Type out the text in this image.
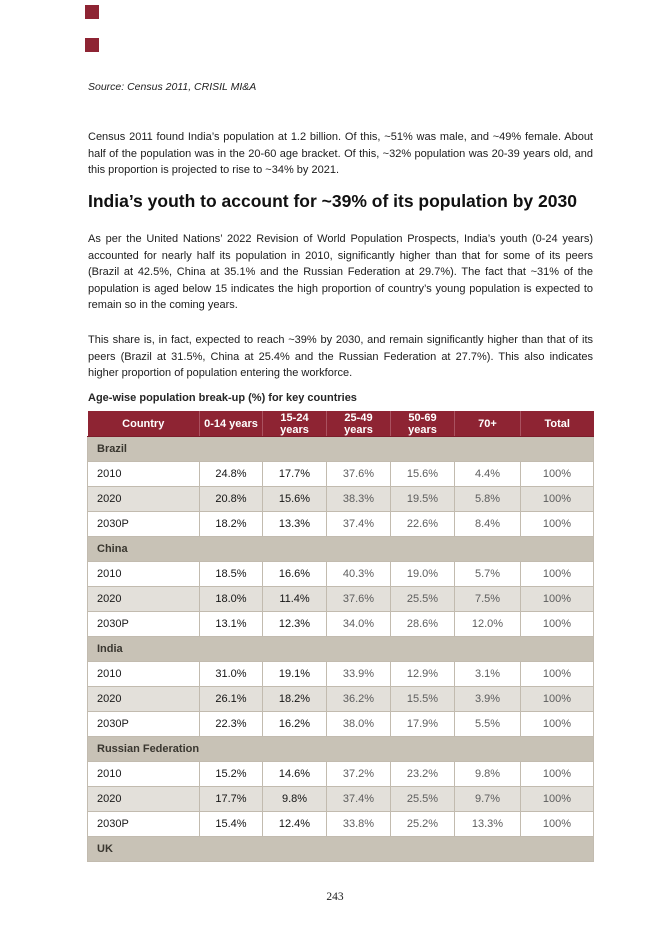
Source: Census 2011, CRISIL MI&A
Census 2011 found India’s population at 1.2 billion. Of this, ~51% was male, and ~49% female. About half of the population was in the 20-60 age bracket. Of this, ~32% population was 20-39 years old, and this proportion is projected to rise to ~34% by 2021.
India’s youth to account for ~39% of its population by 2030
As per the United Nations’ 2022 Revision of World Population Prospects, India’s youth (0-24 years) accounted for nearly half its population in 2010, significantly higher than that for some of its peers (Brazil at 42.5%, China at 35.1% and the Russian Federation at 29.7%). The fact that ~31% of the population is aged below 15 indicates the high proportion of country’s young population is expected to remain so in the coming years.
This share is, in fact, expected to reach ~39% by 2030, and remain significantly higher than that of its peers (Brazil at 31.5%, China at 25.4% and the Russian Federation at 27.7%). This also indicates higher proportion of population entering the workforce.
Age-wise population break-up (%) for key countries
Country	0-14 years	15-24 years	25-49 years	50-69 years	70+	Total
Brazil						
2010	24.8%	17.7%	37.6%	15.6%	4.4%	100%
2020	20.8%	15.6%	38.3%	19.5%	5.8%	100%
2030P	18.2%	13.3%	37.4%	22.6%	8.4%	100%
China						
2010	18.5%	16.6%	40.3%	19.0%	5.7%	100%
2020	18.0%	11.4%	37.6%	25.5%	7.5%	100%
2030P	13.1%	12.3%	34.0%	28.6%	12.0%	100%
India						
2010	31.0%	19.1%	33.9%	12.9%	3.1%	100%
2020	26.1%	18.2%	36.2%	15.5%	3.9%	100%
2030P	22.3%	16.2%	38.0%	17.9%	5.5%	100%
Russian Federation						
2010	15.2%	14.6%	37.2%	23.2%	9.8%	100%
2020	17.7%	9.8%	37.4%	25.5%	9.7%	100%
2030P	15.4%	12.4%	33.8%	25.2%	13.3%	100%
UK						
243
